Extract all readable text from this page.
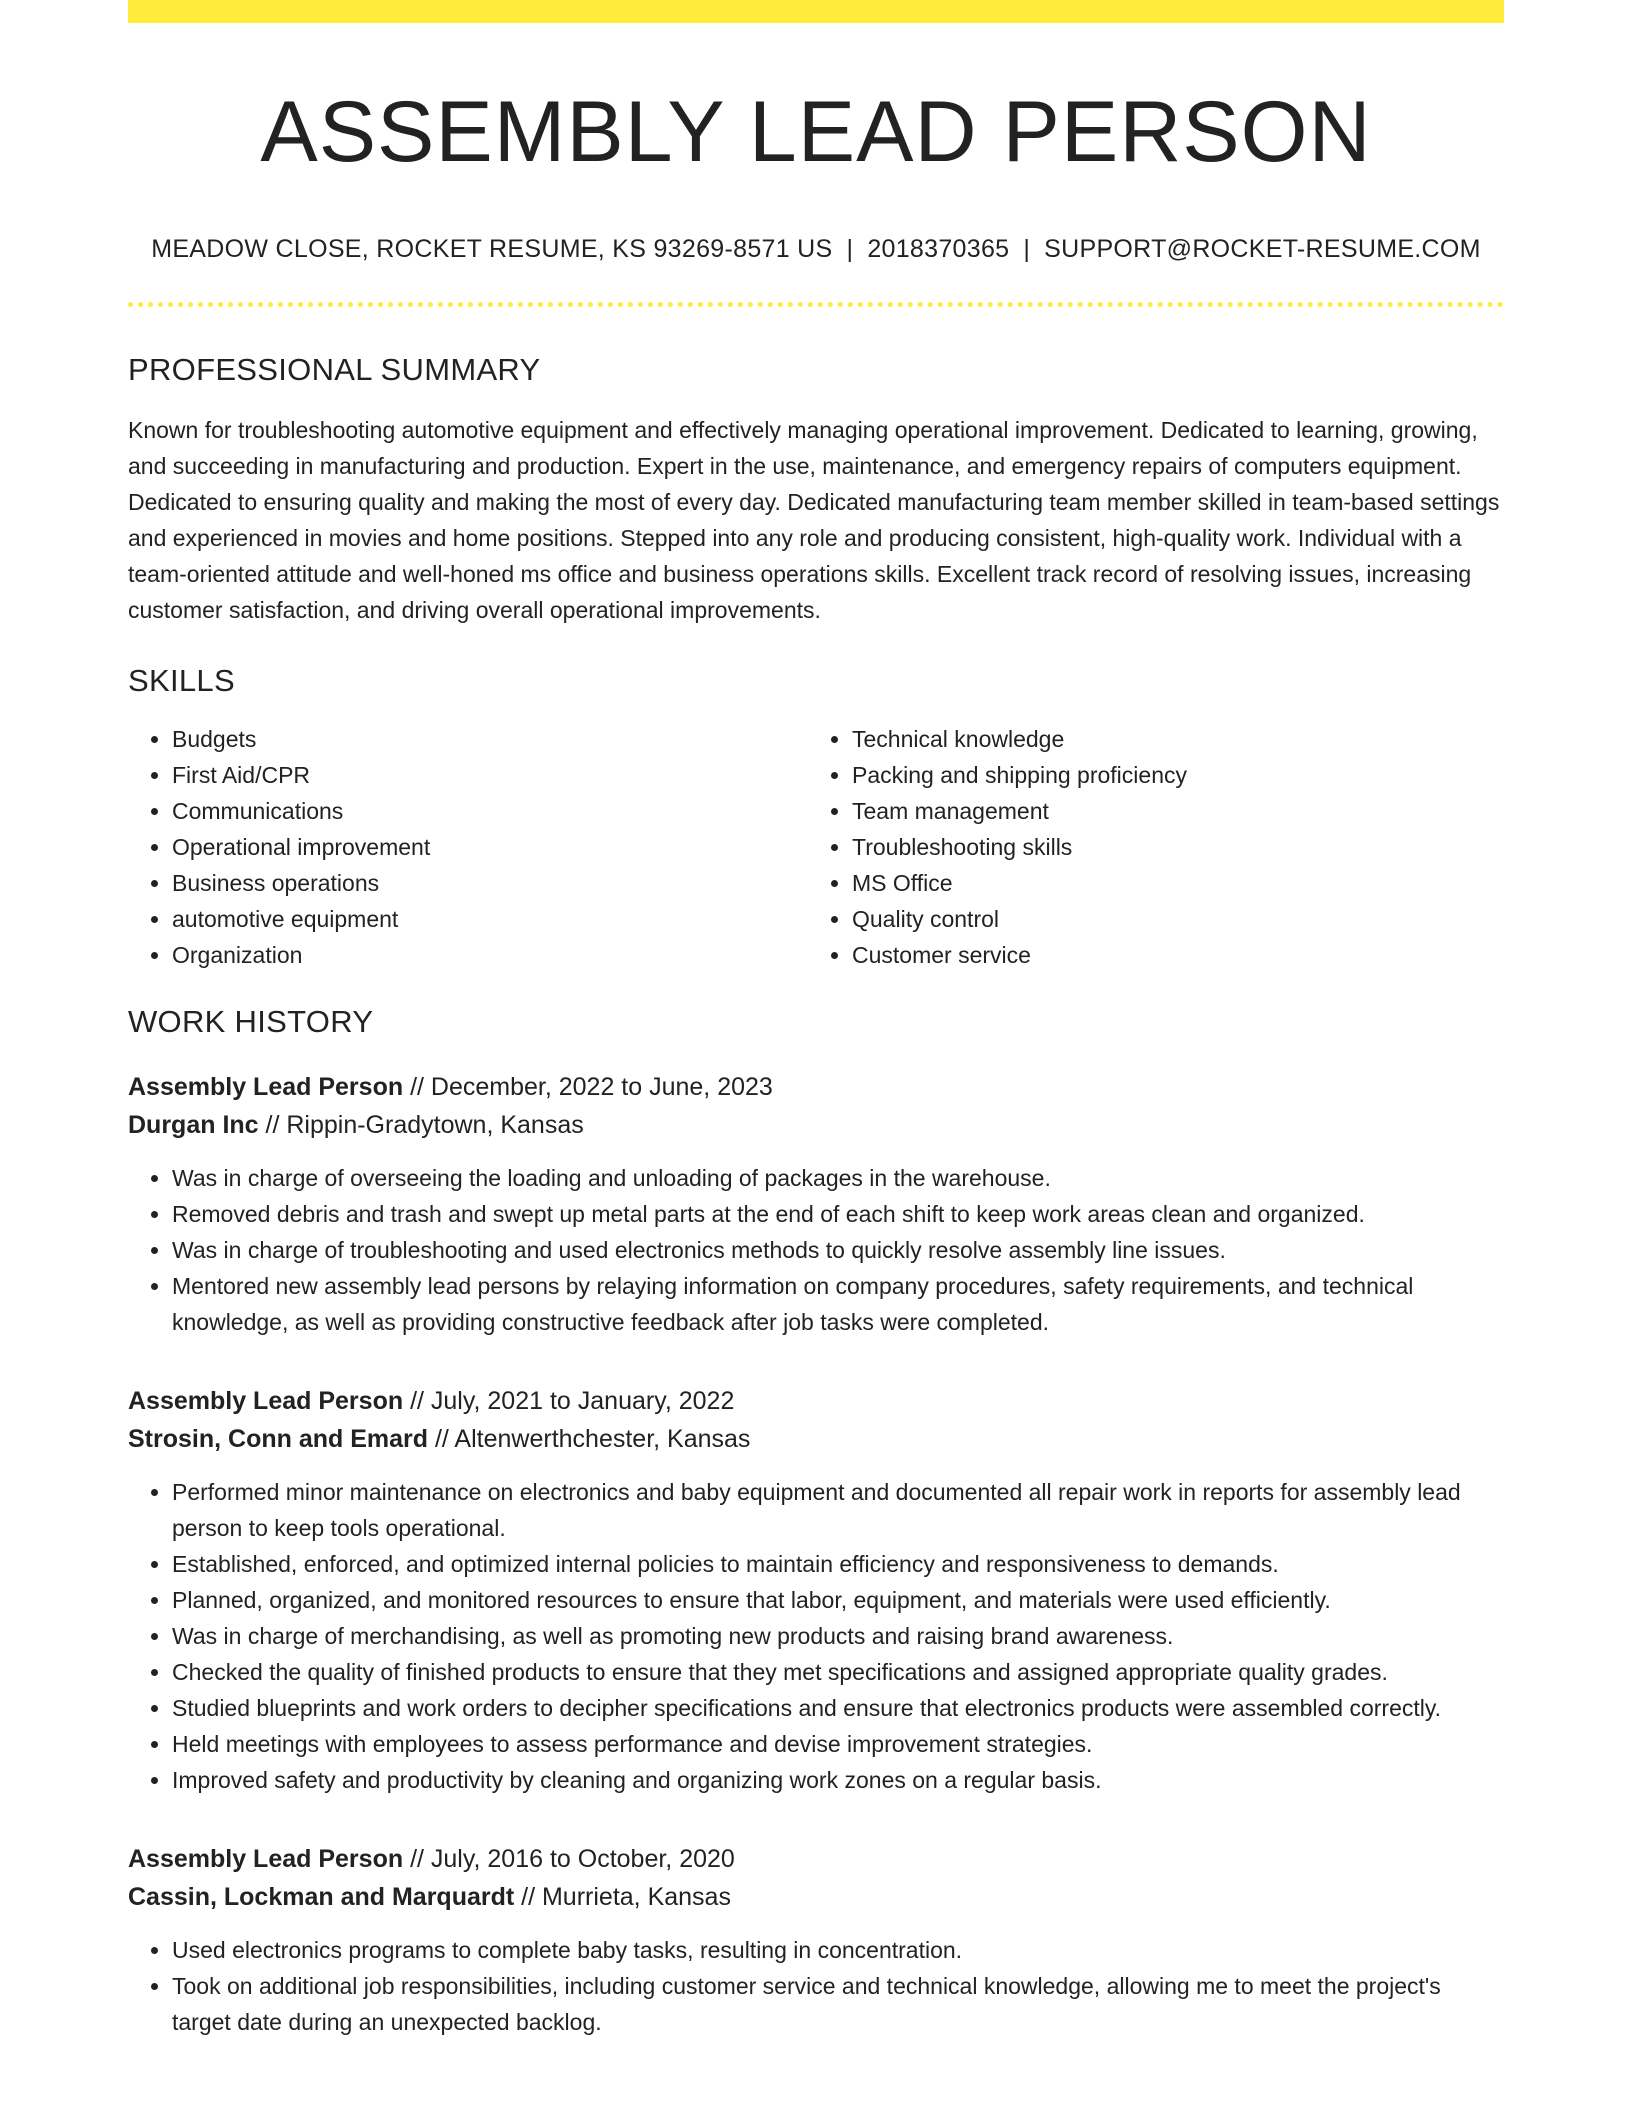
ASSEMBLY LEAD PERSON
MEADOW CLOSE, ROCKET RESUME, KS 93269-8571 US | 2018370365 | SUPPORT@ROCKET-RESUME.COM
PROFESSIONAL SUMMARY

Known for troubleshooting automotive equipment and effectively managing operational improvement. Dedicated to learning, growing, and succeeding in manufacturing and production. Expert in the use, maintenance, and emergency repairs of computers equipment. Dedicated to ensuring quality and making the most of every day. Dedicated manufacturing team member skilled in team-based settings and experienced in movies and home positions. Stepped into any role and producing consistent, high-quality work. Individual with a team-oriented attitude and well-honed ms office and business operations skills. Excellent track record of resolving issues, increasing customer satisfaction, and driving overall operational improvements.

SKILLS
• Budgets
• First Aid/CPR
• Communications
• Operational improvement
• Business operations
• automotive equipment
• Organization
• Technical knowledge
• Packing and shipping proficiency
• Team management
• Troubleshooting skills
• MS Office
• Quality control
• Customer service
WORK HISTORY
Assembly Lead Person // December, 2022 to June, 2023
Durgan Inc // Rippin-Gradytown, Kansas
• Was in charge of overseeing the loading and unloading of packages in the warehouse.
• Removed debris and trash and swept up metal parts at the end of each shift to keep work areas clean and organized.
• Was in charge of troubleshooting and used electronics methods to quickly resolve assembly line issues.
• Mentored new assembly lead persons by relaying information on company procedures, safety requirements, and technical knowledge, as well as providing constructive feedback after job tasks were completed.
Assembly Lead Person // July, 2021 to January, 2022
Strosin, Conn and Emard // Altenwerthchester, Kansas
• Performed minor maintenance on electronics and baby equipment and documented all repair work in reports for assembly lead person to keep tools operational.
• Established, enforced, and optimized internal policies to maintain efficiency and responsiveness to demands.
• Planned, organized, and monitored resources to ensure that labor, equipment, and materials were used efficiently.
• Was in charge of merchandising, as well as promoting new products and raising brand awareness.
• Checked the quality of finished products to ensure that they met specifications and assigned appropriate quality grades.
• Studied blueprints and work orders to decipher specifications and ensure that electronics products were assembled correctly.
• Held meetings with employees to assess performance and devise improvement strategies.
• Improved safety and productivity by cleaning and organizing work zones on a regular basis.
Assembly Lead Person // July, 2016 to October, 2020
Cassin, Lockman and Marquardt // Murrieta, Kansas
• Used electronics programs to complete baby tasks, resulting in concentration.
• Took on additional job responsibilities, including customer service and technical knowledge, allowing me to meet the project's target date during an unexpected backlog.
